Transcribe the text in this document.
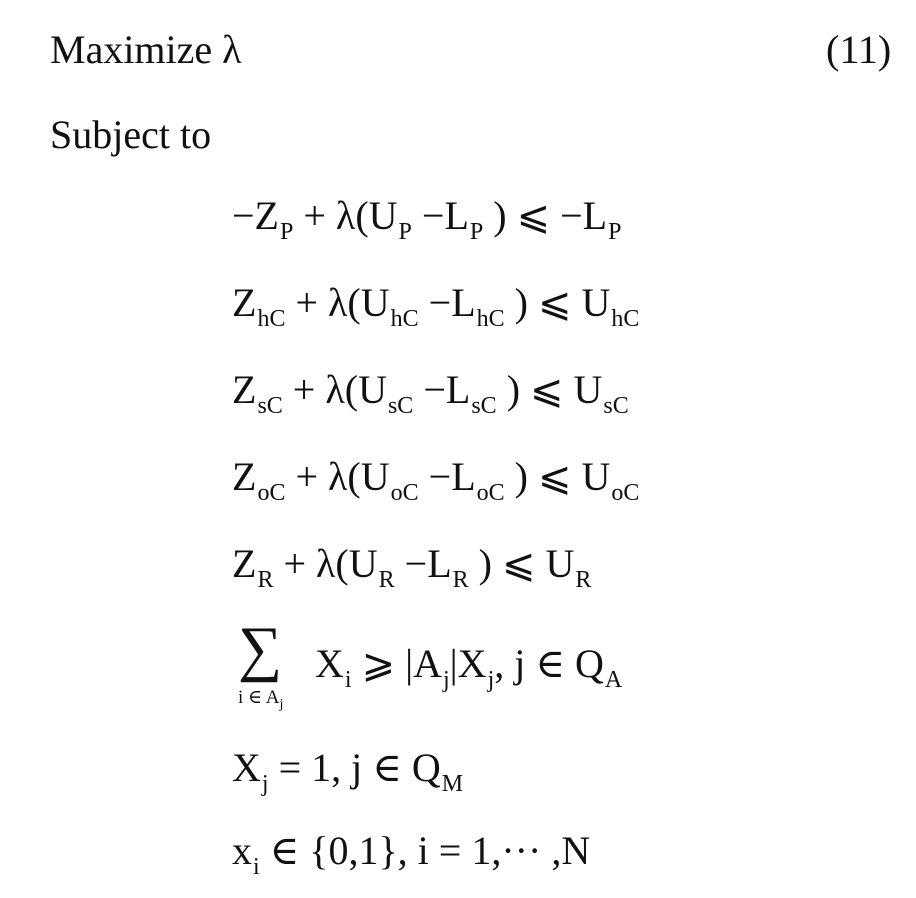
Maximize λ	(11)
Subject to
$-Z_P + \lambda(U_P -L_P$ ) ⩽ $-L_P$
$Z_{hC} + \lambda(U_{hC} -L_{hC}$ ) ⩽ $U_{hC}$
$Z_{sC} + \lambda(U_{sC} -L_{sC}$ ) ⩽ $U_{sC}$
$Z_{oC} + \lambda(U_{oC} -L_{oC}$ ) ⩽ $U_{oC}$
$Z_R + \lambda(U_R -L_R$ ) ⩽ $U_R$
∑
i ∈ $A_j$
$X_i$ ⩾ $|A_j|X_j$, j ∈ $Q_A$
$X_j = 1$, j ∈ $Q_M$
$x_i$ ∈ {0,1}, i = 1,··· ,N
